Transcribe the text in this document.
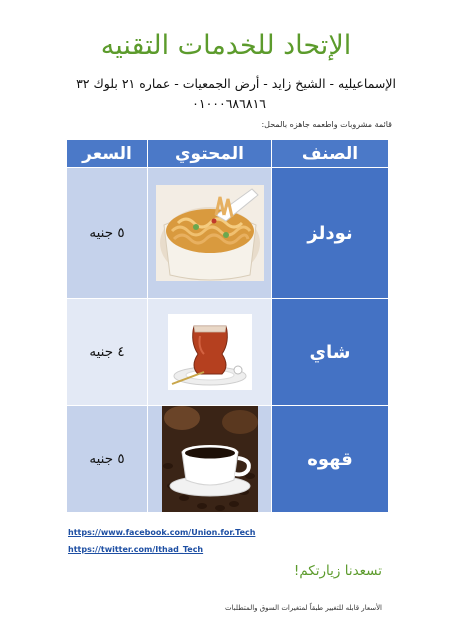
الإتحاد للخدمات التقنيه
الإسماعيليه - الشيخ زايد - أرض الجمعيات - عماره ٢١ بلوك ٣٢
٠١٠٠٠٦٨٦٨١٦
قائمة مشروبات واطعمه جاهزه بالمحل:
الصنف	المحتوي	السعر
نودلز		٥ جنيه
شاي		٤ جنيه
قهوه		٥ جنيه
https://www.facebook.com/Union.for.Tech
https://twitter.com/Ithad_Tech
تسعدنا زيارتكم!
الأسعار قابله للتغيير طبقاً لمتغيرات السوق والمتطلبات
